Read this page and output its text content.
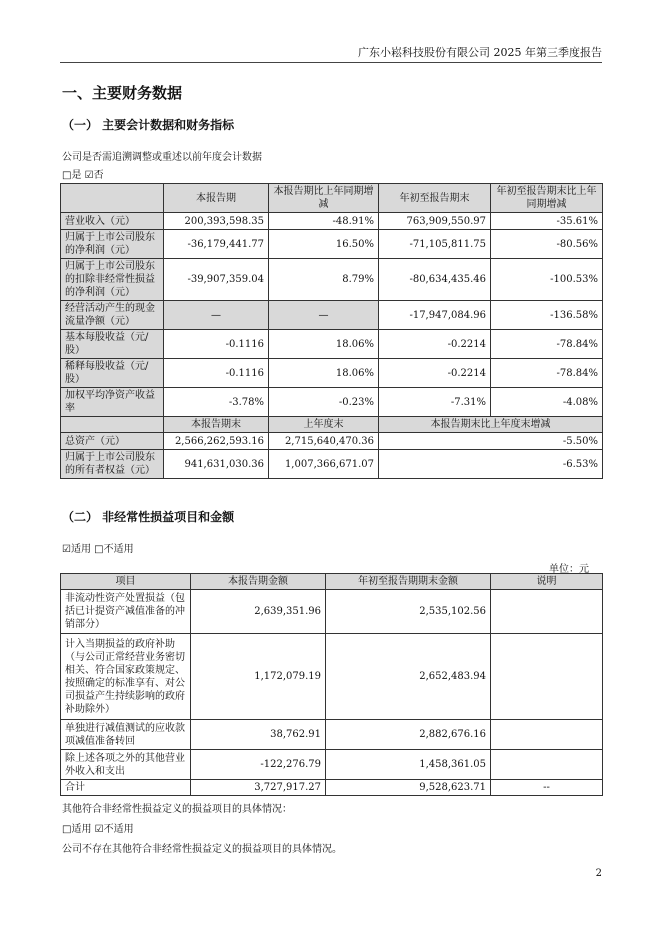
广东小崧科技股份有限公司 2025 年第三季度报告
一、主要财务数据
（一） 主要会计数据和财务指标
公司是否需追溯调整或重述以前年度会计数据
□是 ☑否
	本报告期	本报告期比上年同期增减	年初至报告期末	年初至报告期末比上年同期增减
营业收入（元）	200,393,598.35	-48.91%	763,909,550.97	-35.61%
归属于上市公司股东的净利润（元）	-36,179,441.77	16.50%	-71,105,811.75	-80.56%
归属于上市公司股东的扣除非经常性损益的净利润（元）	-39,907,359.04	8.79%	-80,634,435.46	-100.53%
经营活动产生的现金流量净额（元）	—	—	-17,947,084.96	-136.58%
基本每股收益（元/股）	-0.1116	18.06%	-0.2214	-78.84%
稀释每股收益（元/股）	-0.1116	18.06%	-0.2214	-78.84%
加权平均净资产收益率	-3.78%	-0.23%	-7.31%	-4.08%
	本报告期末	上年度末	本报告期末比上年度末增减	
总资产（元）	2,566,262,593.16	2,715,640,470.36	-5.50%	
归属于上市公司股东的所有者权益（元）	941,631,030.36	1,007,366,671.07	-6.53%	
（二） 非经常性损益项目和金额
☑适用 □不适用
单位：元
项目	本报告期金额	年初至报告期期末金额	说明
非流动性资产处置损益（包括已计提资产减值准备的冲销部分）	2,639,351.96	2,535,102.56	
计入当期损益的政府补助（与公司正常经营业务密切相关、符合国家政策规定、按照确定的标准享有、对公司损益产生持续影响的政府补助除外）	1,172,079.19	2,652,483.94	
单独进行减值测试的应收款项减值准备转回	38,762.91	2,882,676.16	
除上述各项之外的其他营业外收入和支出	-122,276.79	1,458,361.05	
合计	3,727,917.27	9,528,623.71	--
其他符合非经常性损益定义的损益项目的具体情况：
□适用 ☑不适用
公司不存在其他符合非经常性损益定义的损益项目的具体情况。
2
